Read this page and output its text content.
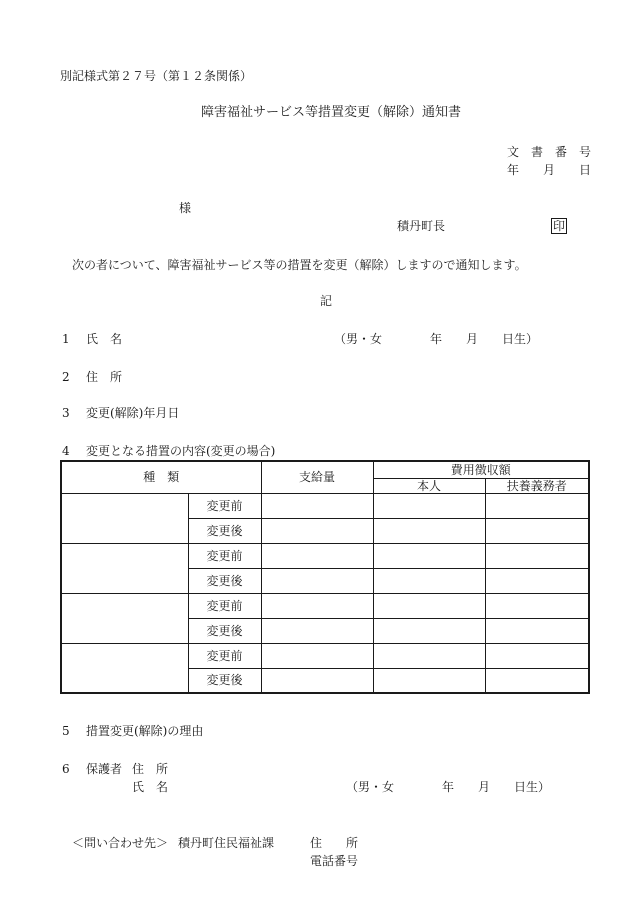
別記様式第２７号（第１２条関係）
障害福祉サービス等措置変更（解除）通知書
文　書　番　号
年　　月　　日
様
積丹町長	印
次の者について、障害福祉サービス等の措置を変更（解除）しますので通知します。
記
1 氏　名	（男・女　　　　年　　月　　日生）
2 住　所
3 変更(解除)年月日
4 変更となる措置の内容(変更の場合)
種　類		支給量	費用徴収額	
			本人	扶養義務者
	変更前			
	変更後			
	変更前			
	変更後			
	変更前			
	変更後			
	変更前			
	変更後			
5 措置変更(解除)の理由
6 保護者 住　所
氏　名	（男・女　　　　年　　月　　日生）
＜問い合わせ先＞ 積丹町住民福祉課	住　　所
電話番号
